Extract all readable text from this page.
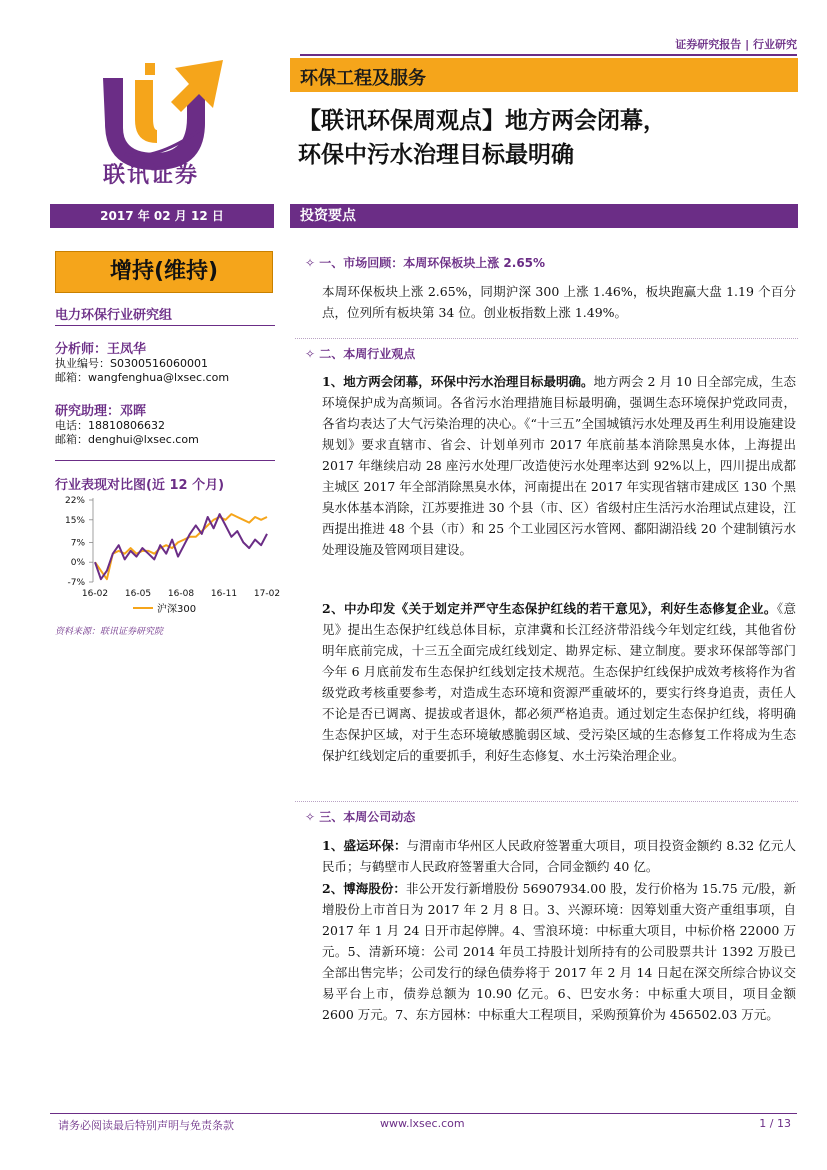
证券研究报告 | 行业研究
联讯证券
环保工程及服务
【联讯环保周观点】地方两会闭幕，
环保中污水治理目标最明确
2017 年 02 月 12 日	投资要点
增持(维持)
电力环保行业研究组
分析师：王凤华
执业编号：S0300516060001
邮箱：wangfenghua@lxsec.com
研究助理：邓晖
电话：18810806632
邮箱：denghui@lxsec.com
行业表现对比图(近 12 个月)
22%
15%
7%
0%
-7%
16-02 16-05 16-08 16-11 17-02
沪深300
资料来源：联讯证券研究院
✧ 一、市场回顾：本周环保板块上涨 2.65%
本周环保板块上涨 2.65%，同期沪深 300 上涨 1.46%，板块跑赢大盘 1.19 个百分点，位列所有板块第 34 位。创业板指数上涨 1.49%。
✧ 二、本周行业观点
1、地方两会闭幕，环保中污水治理目标最明确。地方两会 2 月 10 日全部完成，生态环境保护成为高频词。各省污水治理措施目标最明确，强调生态环境保护党政同责，各省均表达了大气污染治理的决心。《“十三五”全国城镇污水处理及再生利用设施建设规划》要求直辖市、省会、计划单列市 2017 年底前基本消除黑臭水体，上海提出 2017 年继续启动 28 座污水处理厂改造使污水处理率达到 92%以上，四川提出成都主城区 2017 年全部消除黑臭水体，河南提出在 2017 年实现省辖市建成区 130 个黑臭水体基本消除，江苏要推进 30 个县（市、区）省级村庄生活污水治理试点建设，江西提出推进 48 个县（市）和 25 个工业园区污水管网、鄱阳湖沿线 20 个建制镇污水处理设施及管网项目建设。
2、中办印发《关于划定并严守生态保护红线的若干意见》，利好生态修复企业。《意见》提出生态保护红线总体目标，京津冀和长江经济带沿线今年划定红线，其他省份明年底前完成，十三五全面完成红线划定、勘界定标、建立制度。要求环保部等部门今年 6 月底前发布生态保护红线划定技术规范。生态保护红线保护成效考核将作为省级党政考核重要参考，对造成生态环境和资源严重破坏的，要实行终身追责，责任人不论是否已调离、提拔或者退休，都必须严格追责。通过划定生态保护红线，将明确生态保护区域，对于生态环境敏感脆弱区域、受污染区域的生态修复工作将成为生态保护红线划定后的重要抓手，利好生态修复、水土污染治理企业。
✧ 三、本周公司动态
1、盛运环保：与渭南市华州区人民政府签署重大项目，项目投资金额约 8.32 亿元人民币；与鹤壁市人民政府签署重大合同，合同金额约 40 亿。
2、博海股份：非公开发行新增股份 56907934.00 股，发行价格为 15.75 元/股，新增股份上市首日为 2017 年 2 月 8 日。3、兴源环境：因筹划重大资产重组事项，自 2017 年 1 月 24 日开市起停牌。4、雪浪环境：中标重大项目，中标价格 22000 万元。5、清新环境：公司 2014 年员工持股计划所持有的公司股票共计 1392 万股已全部出售完毕；公司发行的绿色债券将于 2017 年 2 月 14 日起在深交所综合协议交易平台上市，债券总额为 10.90 亿元。6、巴安水务：中标重大项目，项目金额 2600 万元。7、东方园林：中标重大工程项目，采购预算价为 456502.03 万元。
请务必阅读最后特别声明与免责条款	www.lxsec.com	1 / 13
